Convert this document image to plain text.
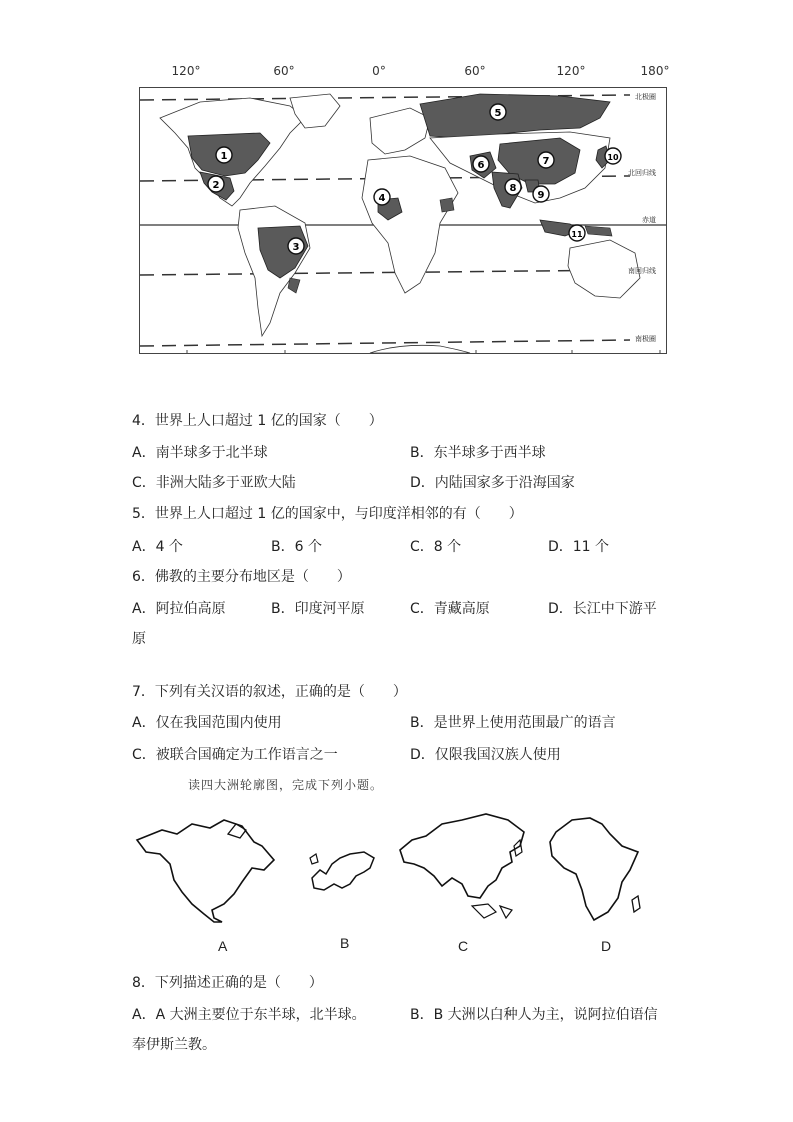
120°	60°	0°	60°	120°	180°
1
2
3
4
5
6	7
8
9
10
11
北极圈
北回归线
赤道
南回归线
南极圈
4．世界上人口超过 1 亿的国家（　　）
A．南半球多于北半球	B．东半球多于西半球
C．非洲大陆多于亚欧大陆	D．内陆国家多于沿海国家
5．世界上人口超过 1 亿的国家中，与印度洋相邻的有（　　）
A．4 个	B．6 个	C．8 个	D．11 个
6．佛教的主要分布地区是（　　）
A．阿拉伯高原	B．印度河平原	C．青藏高原	D．长江中下游平
原
7．下列有关汉语的叙述，正确的是（　　）
A．仅在我国范围内使用	B．是世界上使用范围最广的语言
C．被联合国确定为工作语言之一	D．仅限我国汉族人使用
读四大洲轮廓图，完成下列小题。
A	B	C	D
8．下列描述正确的是（　　）
A．A 大洲主要位于东半球，北半球。	B．B 大洲以白种人为主，说阿拉伯语信
奉伊斯兰教。
